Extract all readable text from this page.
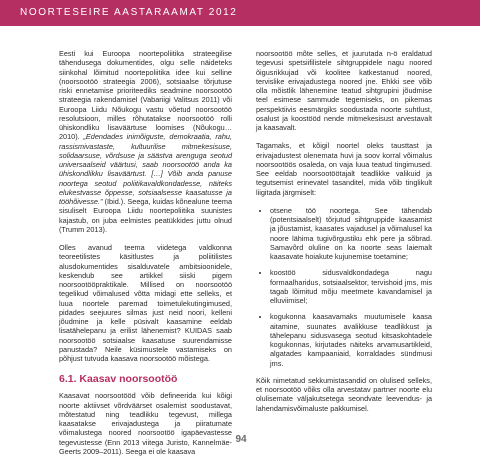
NOORTESEIRE AASTARAAMAT 2012

Eesti kui Euroopa noortepoliitika strateegilise tähendusega dokumentides, olgu selle näideteks siinkohal lõimitud noortepoliitika idee kui selline (noorsootöö strateegia 2006), sotsiaalse tõrjutuse riski ennetamise prioriteediks seadmine noorsootöö strateegia rakendamisel (Vabariigi Valitsus 2011) või Euroopa Liidu Nõukogu vastu võetud noorsootöö resolutsioon, milles rõhutatakse noorsootöö rolli ühiskondliku lisaväärtuse loomises (Nõukogu… 2010). „Edendades inimõiguste, demokraatia, rahu, rassismivastaste, kultuurilise mitmekesisuse, solidaarsuse, võrdsuse ja säästva arenguga seotud universaalseid väärtusi, saab noorsootöö anda ka ühiskondlikku lisaväärtust. […] Võib anda panuse noortega seotud poliitikavaldkondadesse, näiteks elukestvasse õppesse, sotsiaalsesse kaasatusse ja tööhõivesse.” (Ibid.). Seega, kuidas kõnealune teema sisuliselt Euroopa Liidu noortepoliitika suunistes kajastub, on juba eelmistes peatükkides juttu olnud (Trumm 2013).

Olles avanud teema viidetega valdkonna teoreetilistes käsitlustes ja poliitilistes alusdokumentides sisalduvatele ambitsioonidele, keskendub see artikkel siiski pigem noorsootööpraktikale. Millised on noorsootöö tegelikud võimalused võtta midagi ette selleks, et luua noortele paremad toimetulekutingimused, pidades seejuures silmas just neid noori, kelleni jõudmine ja kelle püsivalt kaasamine eeldab lisatähelepanu ja erilist lähenemist? KUIDAS saab noorsootöö sotsiaalse kaasatuse suurendamisse panustada? Neile küsimustele vastamiseks on põhjust tutvuda kaasava noorsootöö mõistega.

6.1. Kaasav noorsootöö

Kaasavat noorsootööd võib defineerida kui kõigi noorte aktiivset võrdväärset osalemist soodustavat, mõtestatud ning teadlikku tegevust, millega kaasatakse erivajadustega ja piiratumate võimalustega noored noorsootöö igapäevastesse tegevustesse (Enn 2013 viitega Juristo, Kannelmäe-Geerts 2009–2011). Seega ei ole kaasava

noorsootöö mõte selles, et juurutada n-ö eraldatud tegevusi spetsiifilistele sihtgruppidele nagu noored õigusrikkujad või koolitee katkestanud noored, tervislike erivajadustega noored jne. Ehkki see võib olla mõistlik lähenemine teatud sihtgrupini jõudmise teel esimese sammude tegemiseks, on pikemas perspektiivis eesmärgiks soodustada noorte suhtlust, osalust ja koostööd nende mitmekesisust arvestavalt ja kaasavalt.

Tagamaks, et kõigil noortel oleks tausttast ja erivajadustest olenemata huvi ja soov korral võimalus noorsootöös osaleda, on vaja luua teatud tingimused. See eeldab noorsootöötajalt teadlikke valikuid ja tegutsemist erinevatel tasanditel, mida võib tinglikult liigitada järgmiselt:

• otsene töö noortega. See tähendab (potentsiaalselt) tõrjutud sihtgruppide kaasamist ja jõustamist, kaasates vajadusel ja võimalusel ka noore lähima tugivõrgustiku ehk pere ja sõbrad. Samavõrd oluline on ka noorte seas laiemalt kaasavate hoiakute kujunemise toetamine;
• koostöö sidusvaldkondadega nagu formaalharidus, sotsiaalsektor, tervishoid jms, mis tagab lõimitud mõju meetmete kavandamisel ja elluviimisel;
• kogukonna kaasavamaks muutumisele kaasa aitamine, suunates avalikkuse teadlikkust ja tähelepanu sidusvasega seotud kitsaskohtadele kogukonnas, kirjutades näiteks arvamusartikleid, algatades kampaaniaid, korraldades sündmusi jms.

Kõik nimetatud sekkumistasandid on olulised selleks, et noorsootöö võiks olla arvestatav partner noorte elu olulisemate väljakutsetega seondvate leevendus- ja lahendamisvõimaluste pakkumisel.

94
